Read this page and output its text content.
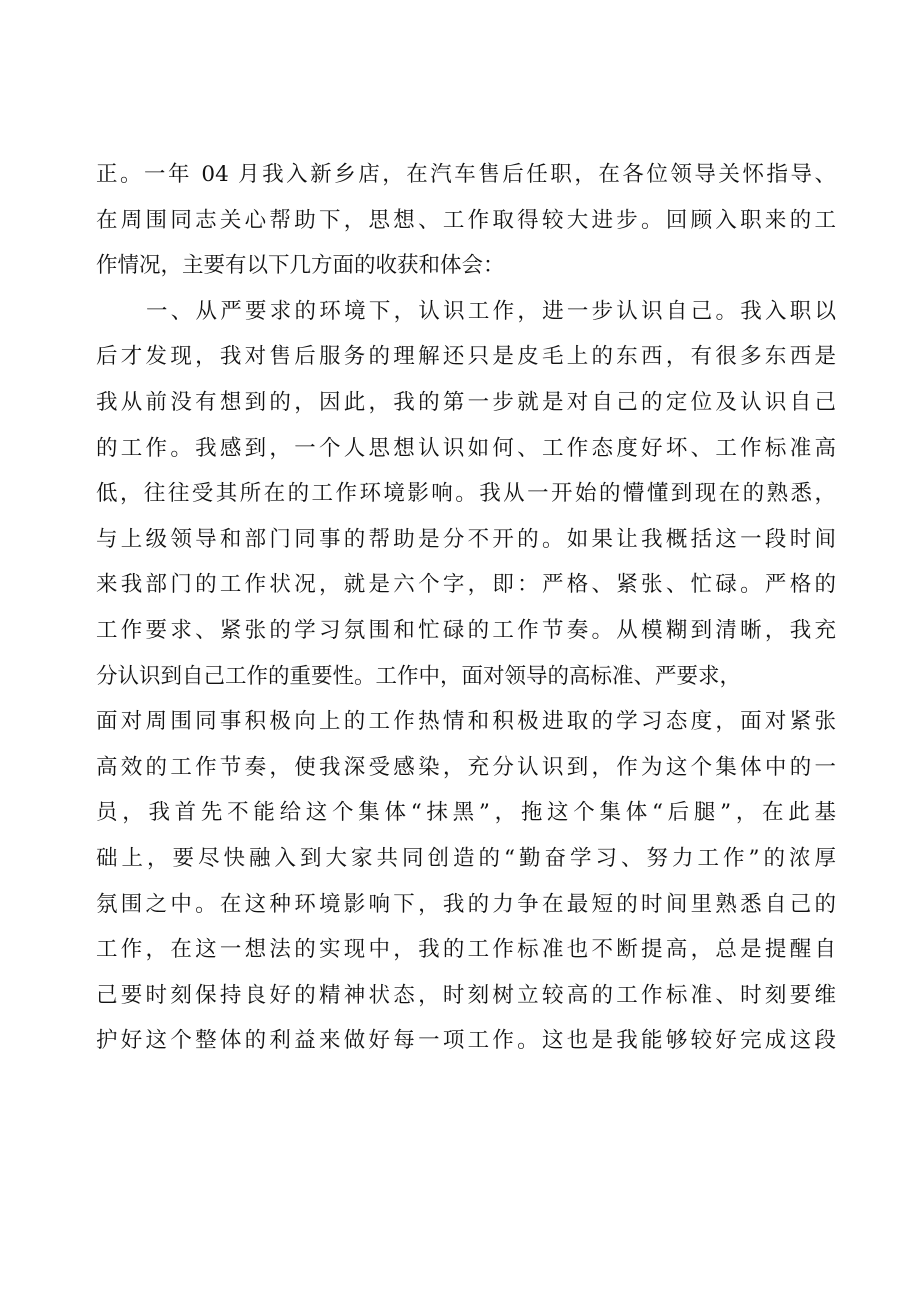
正。一年 04 月我入新乡店，在汽车售后任职，在各位领导关怀指导、
在周围同志关心帮助下，思想、工作取得较大进步。回顾入职来的工
作情况，主要有以下几方面的收获和体会：
一、从严要求的环境下，认识工作，进一步认识自己。我入职以
后才发现，我对售后服务的理解还只是皮毛上的东西，有很多东西是
我从前没有想到的，因此，我的第一步就是对自己的定位及认识自己
的工作。我感到，一个人思想认识如何、工作态度好坏、工作标准高
低，往往受其所在的工作环境影响。我从一开始的懵懂到现在的熟悉，
与上级领导和部门同事的帮助是分不开的。如果让我概括这一段时间
来我部门的工作状况，就是六个字，即：严格、紧张、忙碌。严格的
工作要求、紧张的学习氛围和忙碌的工作节奏。从模糊到清晰，我充
分认识到自己工作的重要性。工作中，面对领导的高标准、严要求，
面对周围同事积极向上的工作热情和积极进取的学习态度，面对紧张
高效的工作节奏，使我深受感染，充分认识到，作为这个集体中的一
员，我首先不能给这个集体“抹黑”，拖这个集体“后腿”，在此基
础上，要尽快融入到大家共同创造的“勤奋学习、努力工作”的浓厚
氛围之中。在这种环境影响下，我的力争在最短的时间里熟悉自己的
工作，在这一想法的实现中，我的工作标准也不断提高，总是提醒自
己要时刻保持良好的精神状态，时刻树立较高的工作标准、时刻要维
护好这个整体的利益来做好每一项工作。这也是我能够较好完成这段
